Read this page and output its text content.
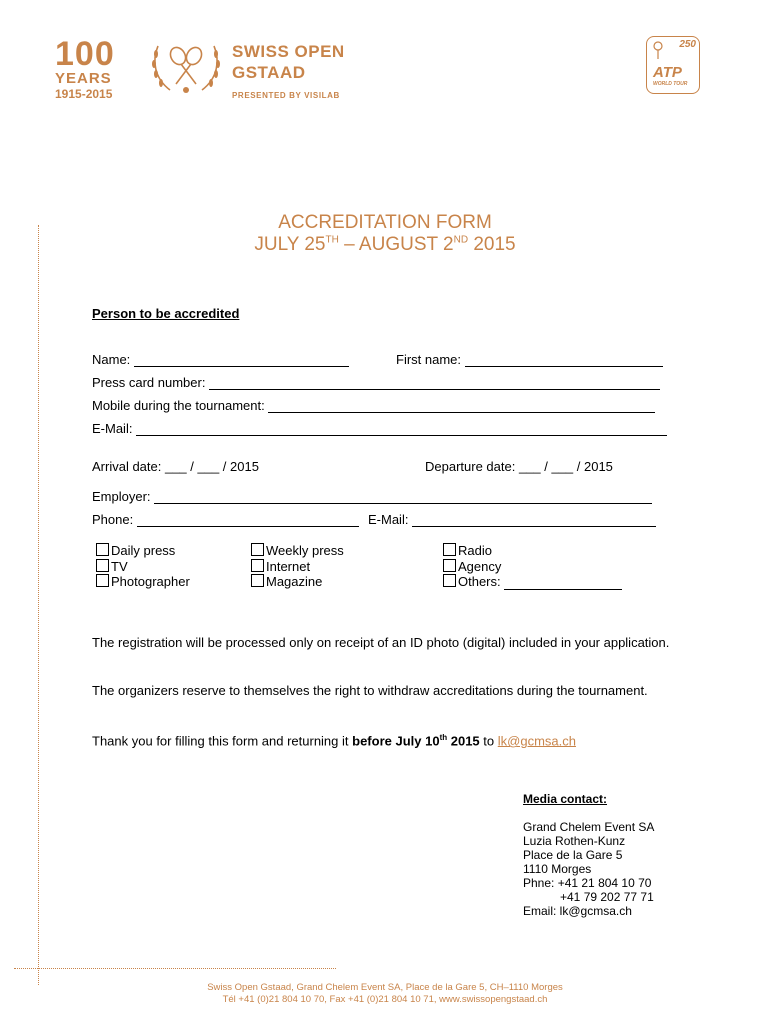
100
YEARS
1915-2015
SWISS OPEN
GSTAAD
PRESENTED BY VISILAB
250
ATP
WORLD TOUR
ACCREDITATION FORM
JULY 25TH – AUGUST 2ND 2015
Person to be accredited
Name:	First name:
Press card number:
Mobile during the tournament:
E-Mail:
Arrival date: ___ / ___ / 2015	Departure date: ___ / ___ / 2015
Employer:
Phone:	E-Mail:
Daily press
TV
Photographer
Weekly press
Internet
Magazine
Radio
Agency
Others:
The registration will be processed only on receipt of an ID photo (digital) included in your application.
The organizers reserve to themselves the right to withdraw accreditations during the tournament.
Thank you for filling this form and returning it before July 10th 2015 to lk@gcmsa.ch
Media contact:
Grand Chelem Event SA
Luzia Rothen-Kunz
Place de la Gare 5
1110 Morges
Phne: +41 21 804 10 70
+41 79 202 77 71
Email: lk@gcmsa.ch
Swiss Open Gstaad, Grand Chelem Event SA, Place de la Gare 5, CH–1110 Morges
Tél +41 (0)21 804 10 70, Fax +41 (0)21 804 10 71, www.swissopengstaad.ch
